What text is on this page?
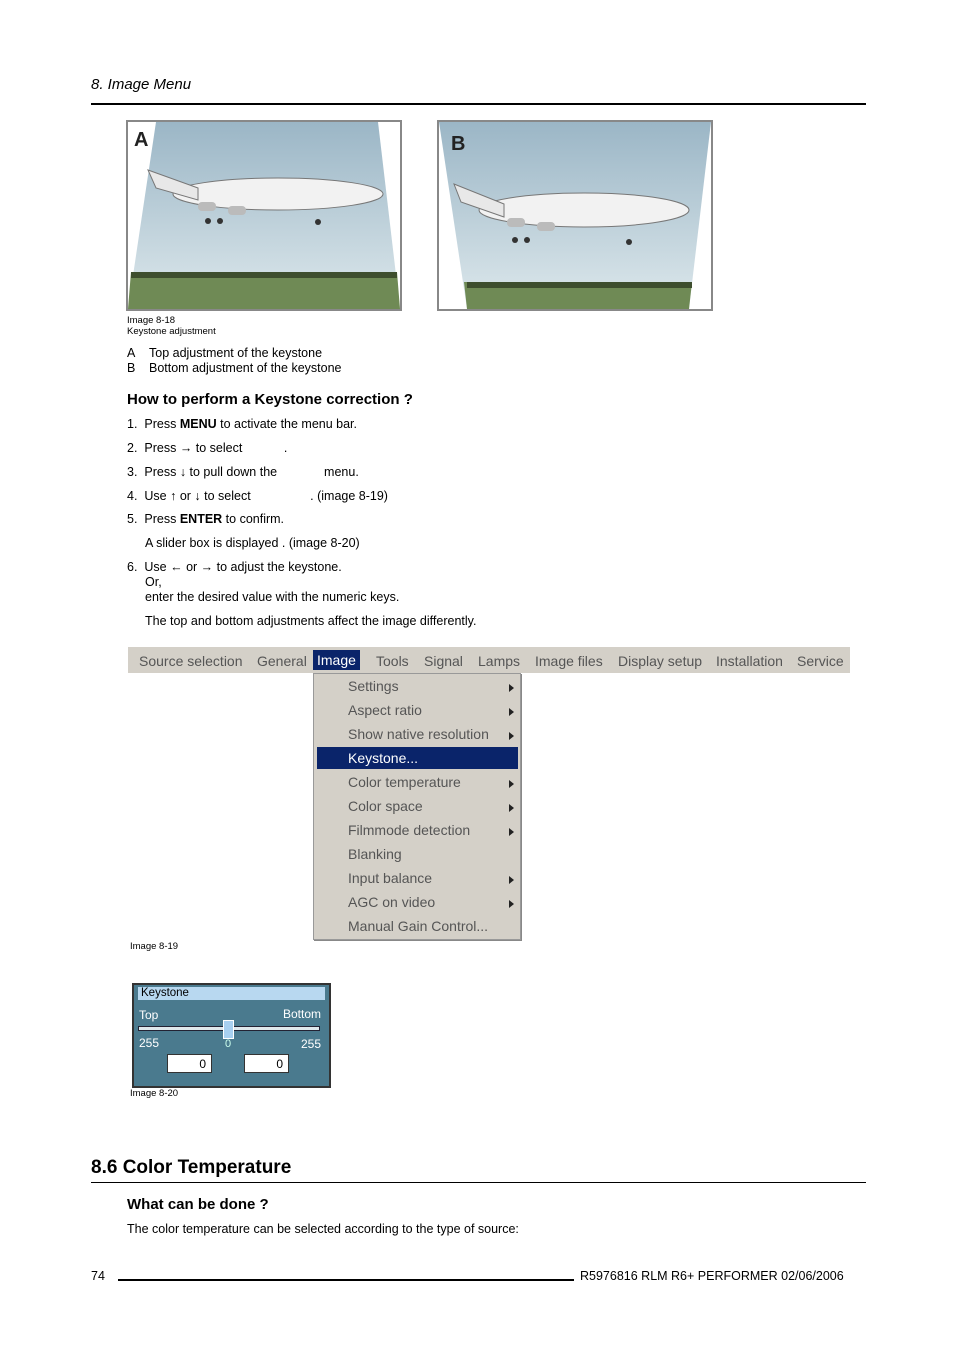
8. Image Menu
A	B
Image 8-18
Keystone adjustment
A Top adjustment of the keystone
B Bottom adjustment of the keystone
How to perform a Keystone correction ?
1. Press MENU to activate the menu bar.
2. Press → to select	.
3. Press ↓ to pull down the	menu.
4. Use ↑ or ↓ to select	. (image 8-19)
5. Press ENTER to confirm.
A slider box is displayed . (image 8-20)
6. Use ← or → to adjust the keystone.
Or,
enter the desired value with the numeric keys.
The top and bottom adjustments affect the image differently.
Source selection General Image Tools Signal Lamps Image files Display setup Installation Service
Settings
Aspect ratio
Show native resolution
Keystone...
Color temperature
Color space
Filmmode detection
Blanking
Input balance
AGC on video
Manual Gain Control...
Image 8-19
Keystone
Top	Bottom
255	0	255
0	0
Image 8-20
8.6 Color Temperature
What can be done ?
The color temperature can be selected according to the type of source:
74	R5976816 RLM R6+ PERFORMER 02/06/2006
